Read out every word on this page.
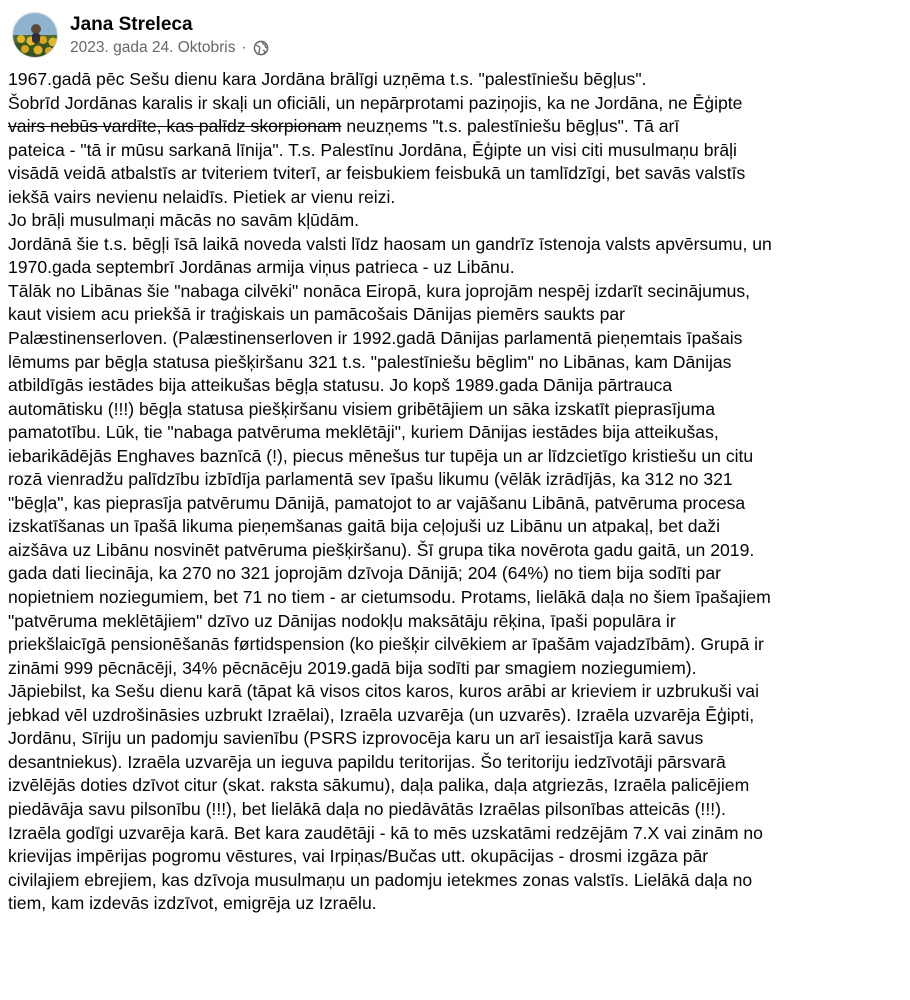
Jana Streleca
2023. gada 24. Oktobris ·
1967.gadā pēc Sešu dienu kara Jordāna brālīgi uzņēma t.s. "palestīniešu bēgļus".
Šobrīd Jordānas karalis ir skaļi un oficiāli, un nepārprotami paziņojis, ka ne Jordāna, ne Ēģipte
vairs nebūs vardīte, kas palīdz skorpionam neuzņems "t.s. palestīniešu bēgļus". Tā arī
pateica - "tā ir mūsu sarkanā līnija". T.s. Palestīnu Jordāna, Ēģipte un visi citi musulmaņu brāļi
visādā veidā atbalstīs ar tviteriem tviterī, ar feisbukiem feisbukā un tamlīdzīgi, bet savās valstīs
iekšā vairs nevienu nelaidīs. Pietiek ar vienu reizi.
Jo brāļi musulmaņi mācās no savām kļūdām.
Jordānā šie t.s. bēgļi īsā laikā noveda valsti līdz haosam un gandrīz īstenoja valsts apvērsumu, un
1970.gada septembrī Jordānas armija viņus patrieca - uz Libānu.
Tālāk no Libānas šie "nabaga cilvēki" nonāca Eiropā, kura joprojām nespēj izdarīt secinājumus,
kaut visiem acu priekšā ir traģiskais un pamācošais Dānijas piemērs saukts par
Palæstinenserloven. (Palæstinenserloven ir 1992.gadā Dānijas parlamentā pieņemtais īpašais
lēmums par bēgļa statusa piešķiršanu 321 t.s. "palestīniešu bēglim" no Libānas, kam Dānijas
atbildīgās iestādes bija atteikušas bēgļa statusu. Jo kopš 1989.gada Dānija pārtrauca
automātisku (!!!) bēgļa statusa piešķiršanu visiem gribētājiem un sāka izskatīt pieprasījuma
pamatotību. Lūk, tie "nabaga patvēruma meklētāji", kuriem Dānijas iestādes bija atteikušas,
iebarikādējās Enghaves baznīcā (!), piecus mēnešus tur tupēja un ar līdzcietīgo kristiešu un citu
rozā vienradžu palīdzību izbīdīja parlamentā sev īpašu likumu (vēlāk izrādījās, ka 312 no 321
"bēgļa", kas pieprasīja patvērumu Dānijā, pamatojot to ar vajāšanu Libānā, patvēruma procesa
izskatīšanas un īpašā likuma pieņemšanas gaitā bija ceļojuši uz Libānu un atpakaļ, bet daži
aizšāva uz Libānu nosvinēt patvēruma piešķiršanu). Šī grupa tika novērota gadu gaitā, un 2019.
gada dati liecināja, ka 270 no 321 joprojām dzīvoja Dānijā; 204 (64%) no tiem bija sodīti par
nopietniem noziegumiem, bet 71 no tiem - ar cietumsodu. Protams, lielākā daļa no šiem īpašajiem
"patvēruma meklētājiem" dzīvo uz Dānijas nodokļu maksātāju rēķina, īpaši populāra ir
priekšlaicīgā pensionēšanās førtidspension (ko piešķir cilvēkiem ar īpašām vajadzībām). Grupā ir
zināmi 999 pēcnācēji, 34% pēcnācēju 2019.gadā bija sodīti par smagiem noziegumiem).
Jāpiebilst, ka Sešu dienu karā (tāpat kā visos citos karos, kuros arābi ar krieviem ir uzbrukuši vai
jebkad vēl uzdrošināsies uzbrukt Izraēlai), Izraēla uzvarēja (un uzvarēs). Izraēla uzvarēja Ēģipti,
Jordānu, Sīriju un padomju savienību (PSRS izprovocēja karu un arī iesaistīja karā savus
desantniekus). Izraēla uzvarēja un ieguva papildu teritorijas. Šo teritoriju iedzīvotāji pārsvarā
izvēlējās doties dzīvot citur (skat. raksta sākumu), daļa palika, daļa atgriezās, Izraēla palicējiem
piedāvāja savu pilsonību (!!!), bet lielākā daļa no piedāvātās Izraēlas pilsonības atteicās (!!!).
Izraēla godīgi uzvarēja karā. Bet kara zaudētāji - kā to mēs uzskatāmi redzējām 7.X vai zinām no
krievijas impērijas pogromu vēstures, vai Irpiņas/Bučas utt. okupācijas - drosmi izgāza pār
civilajiem ebrejiem, kas dzīvoja musulmaņu un padomju ietekmes zonas valstīs. Lielākā daļa no
tiem, kam izdevās izdzīvot, emigrēja uz Izraēlu.
